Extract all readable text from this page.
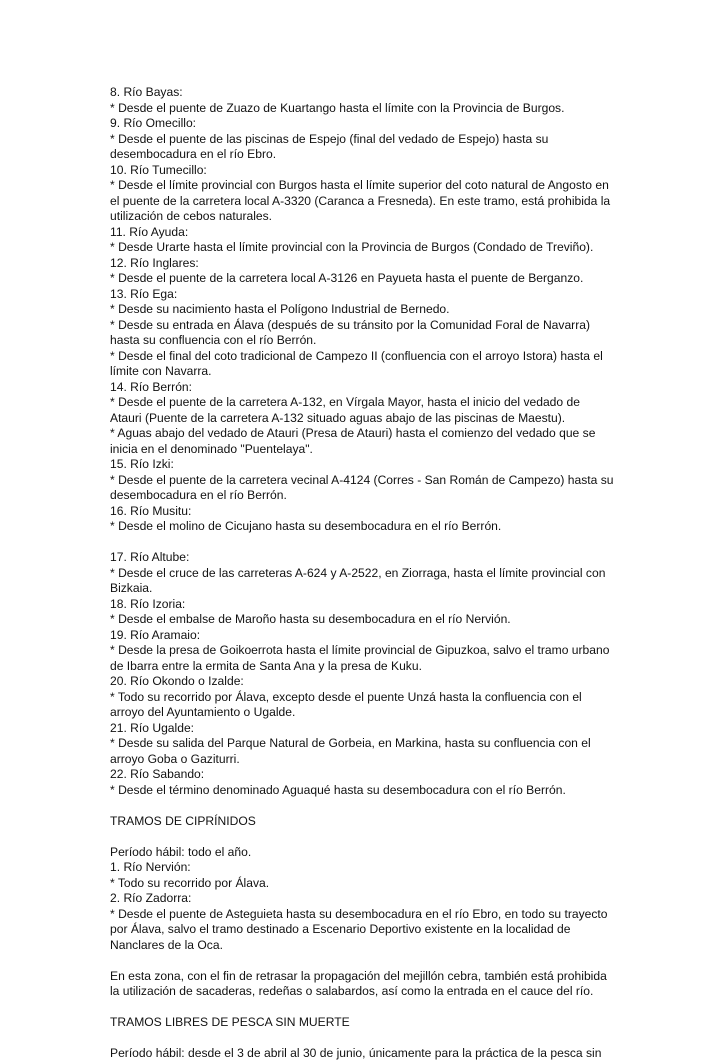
8. Río Bayas:
* Desde el puente de Zuazo de Kuartango hasta el límite con la Provincia de Burgos.
9. Río Omecillo:
* Desde el puente de las piscinas de Espejo (final del vedado de Espejo) hasta su
desembocadura en el río Ebro.
10. Río Tumecillo:
* Desde el límite provincial con Burgos hasta el límite superior del coto natural de Angosto en
el puente de la carretera local A-3320 (Caranca a Fresneda). En este tramo, está prohibida la
utilización de cebos naturales.
11. Río Ayuda:
* Desde Urarte hasta el límite provincial con la Provincia de Burgos (Condado de Treviño).
12. Río Inglares:
* Desde el puente de la carretera local A-3126 en Payueta hasta el puente de Berganzo.
13. Río Ega:
* Desde su nacimiento hasta el Polígono Industrial de Bernedo.
* Desde su entrada en Álava (después de su tránsito por la Comunidad Foral de Navarra)
hasta su confluencia con el río Berrón.
* Desde el final del coto tradicional de Campezo II (confluencia con el arroyo Istora) hasta el
límite con Navarra.
14. Río Berrón:
* Desde el puente de la carretera A-132, en Vírgala Mayor, hasta el inicio del vedado de
Atauri (Puente de la carretera A-132 situado aguas abajo de las piscinas de Maestu).
* Aguas abajo del vedado de Atauri (Presa de Atauri) hasta el comienzo del vedado que se
inicia en el denominado "Puentelaya".
15. Río Izki:
* Desde el puente de la carretera vecinal A-4124 (Corres - San Román de Campezo) hasta su
desembocadura en el río Berrón.
16. Río Musitu:
* Desde el molino de Cicujano hasta su desembocadura en el río Berrón.
17. Río Altube:
* Desde el cruce de las carreteras A-624 y A-2522, en Ziorraga, hasta el límite provincial con
Bizkaia.
18. Río Izoria:
* Desde el embalse de Maroño hasta su desembocadura en el río Nervión.
19. Río Aramaio:
* Desde la presa de Goikoerrota hasta el límite provincial de Gipuzkoa, salvo el tramo urbano
de Ibarra entre la ermita de Santa Ana y la presa de Kuku.
20. Río Okondo o Izalde:
* Todo su recorrido por Álava, excepto desde el puente Unzá hasta la confluencia con el
arroyo del Ayuntamiento o Ugalde.
21. Río Ugalde:
* Desde su salida del Parque Natural de Gorbeia, en Markina, hasta su confluencia con el
arroyo Goba o Gaziturri.
22. Río Sabando:
* Desde el término denominado Aguaqué hasta su desembocadura con el río Berrón.
TRAMOS DE CIPRÍNIDOS
Período hábil: todo el año.
1. Río Nervión:
* Todo su recorrido por Álava.
2. Río Zadorra:
* Desde el puente de Asteguieta hasta su desembocadura en el río Ebro, en todo su trayecto
por Álava, salvo el tramo destinado a Escenario Deportivo existente en la localidad de
Nanclares de la Oca.
En esta zona, con el fin de retrasar la propagación del mejillón cebra, también está prohibida
la utilización de sacaderas, redeñas o salabardos, así como la entrada en el cauce del río.
TRAMOS LIBRES DE PESCA SIN MUERTE
Período hábil: desde el 3 de abril al 30 de junio, únicamente para la práctica de la pesca sin
